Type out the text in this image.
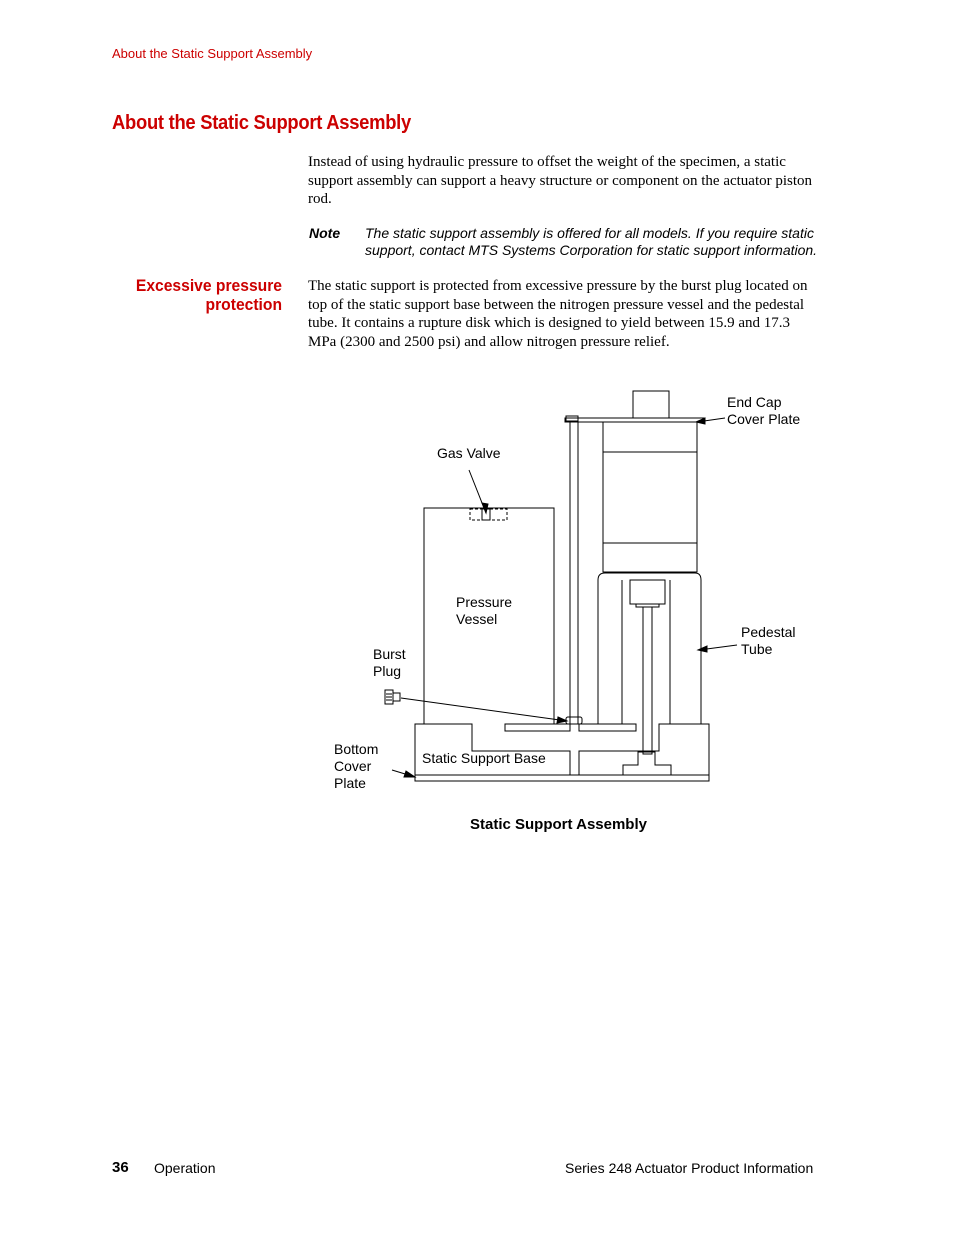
About the Static Support Assembly
About the Static Support Assembly
Instead of using hydraulic pressure to offset the weight of the specimen, a static support assembly can support a heavy structure or component on the actuator piston rod.
Note The static support assembly is offered for all models. If you require static support, contact MTS Systems Corporation for static support information.
Excessive pressure protection
The static support is protected from excessive pressure by the burst plug located on top of the static support base between the nitrogen pressure vessel and the pedestal tube. It contains a rupture disk which is designed to yield between 15.9 and 17.3 MPa (2300 and 2500 psi) and allow nitrogen pressure relief.
End Cap
Cover Plate
Gas Valve
Pressure
Vessel
Pedestal
Tube
Burst
Plug
Bottom
Cover
Plate
Static Support Base
Static Support Assembly
36 Operation	Series 248 Actuator Product Information
